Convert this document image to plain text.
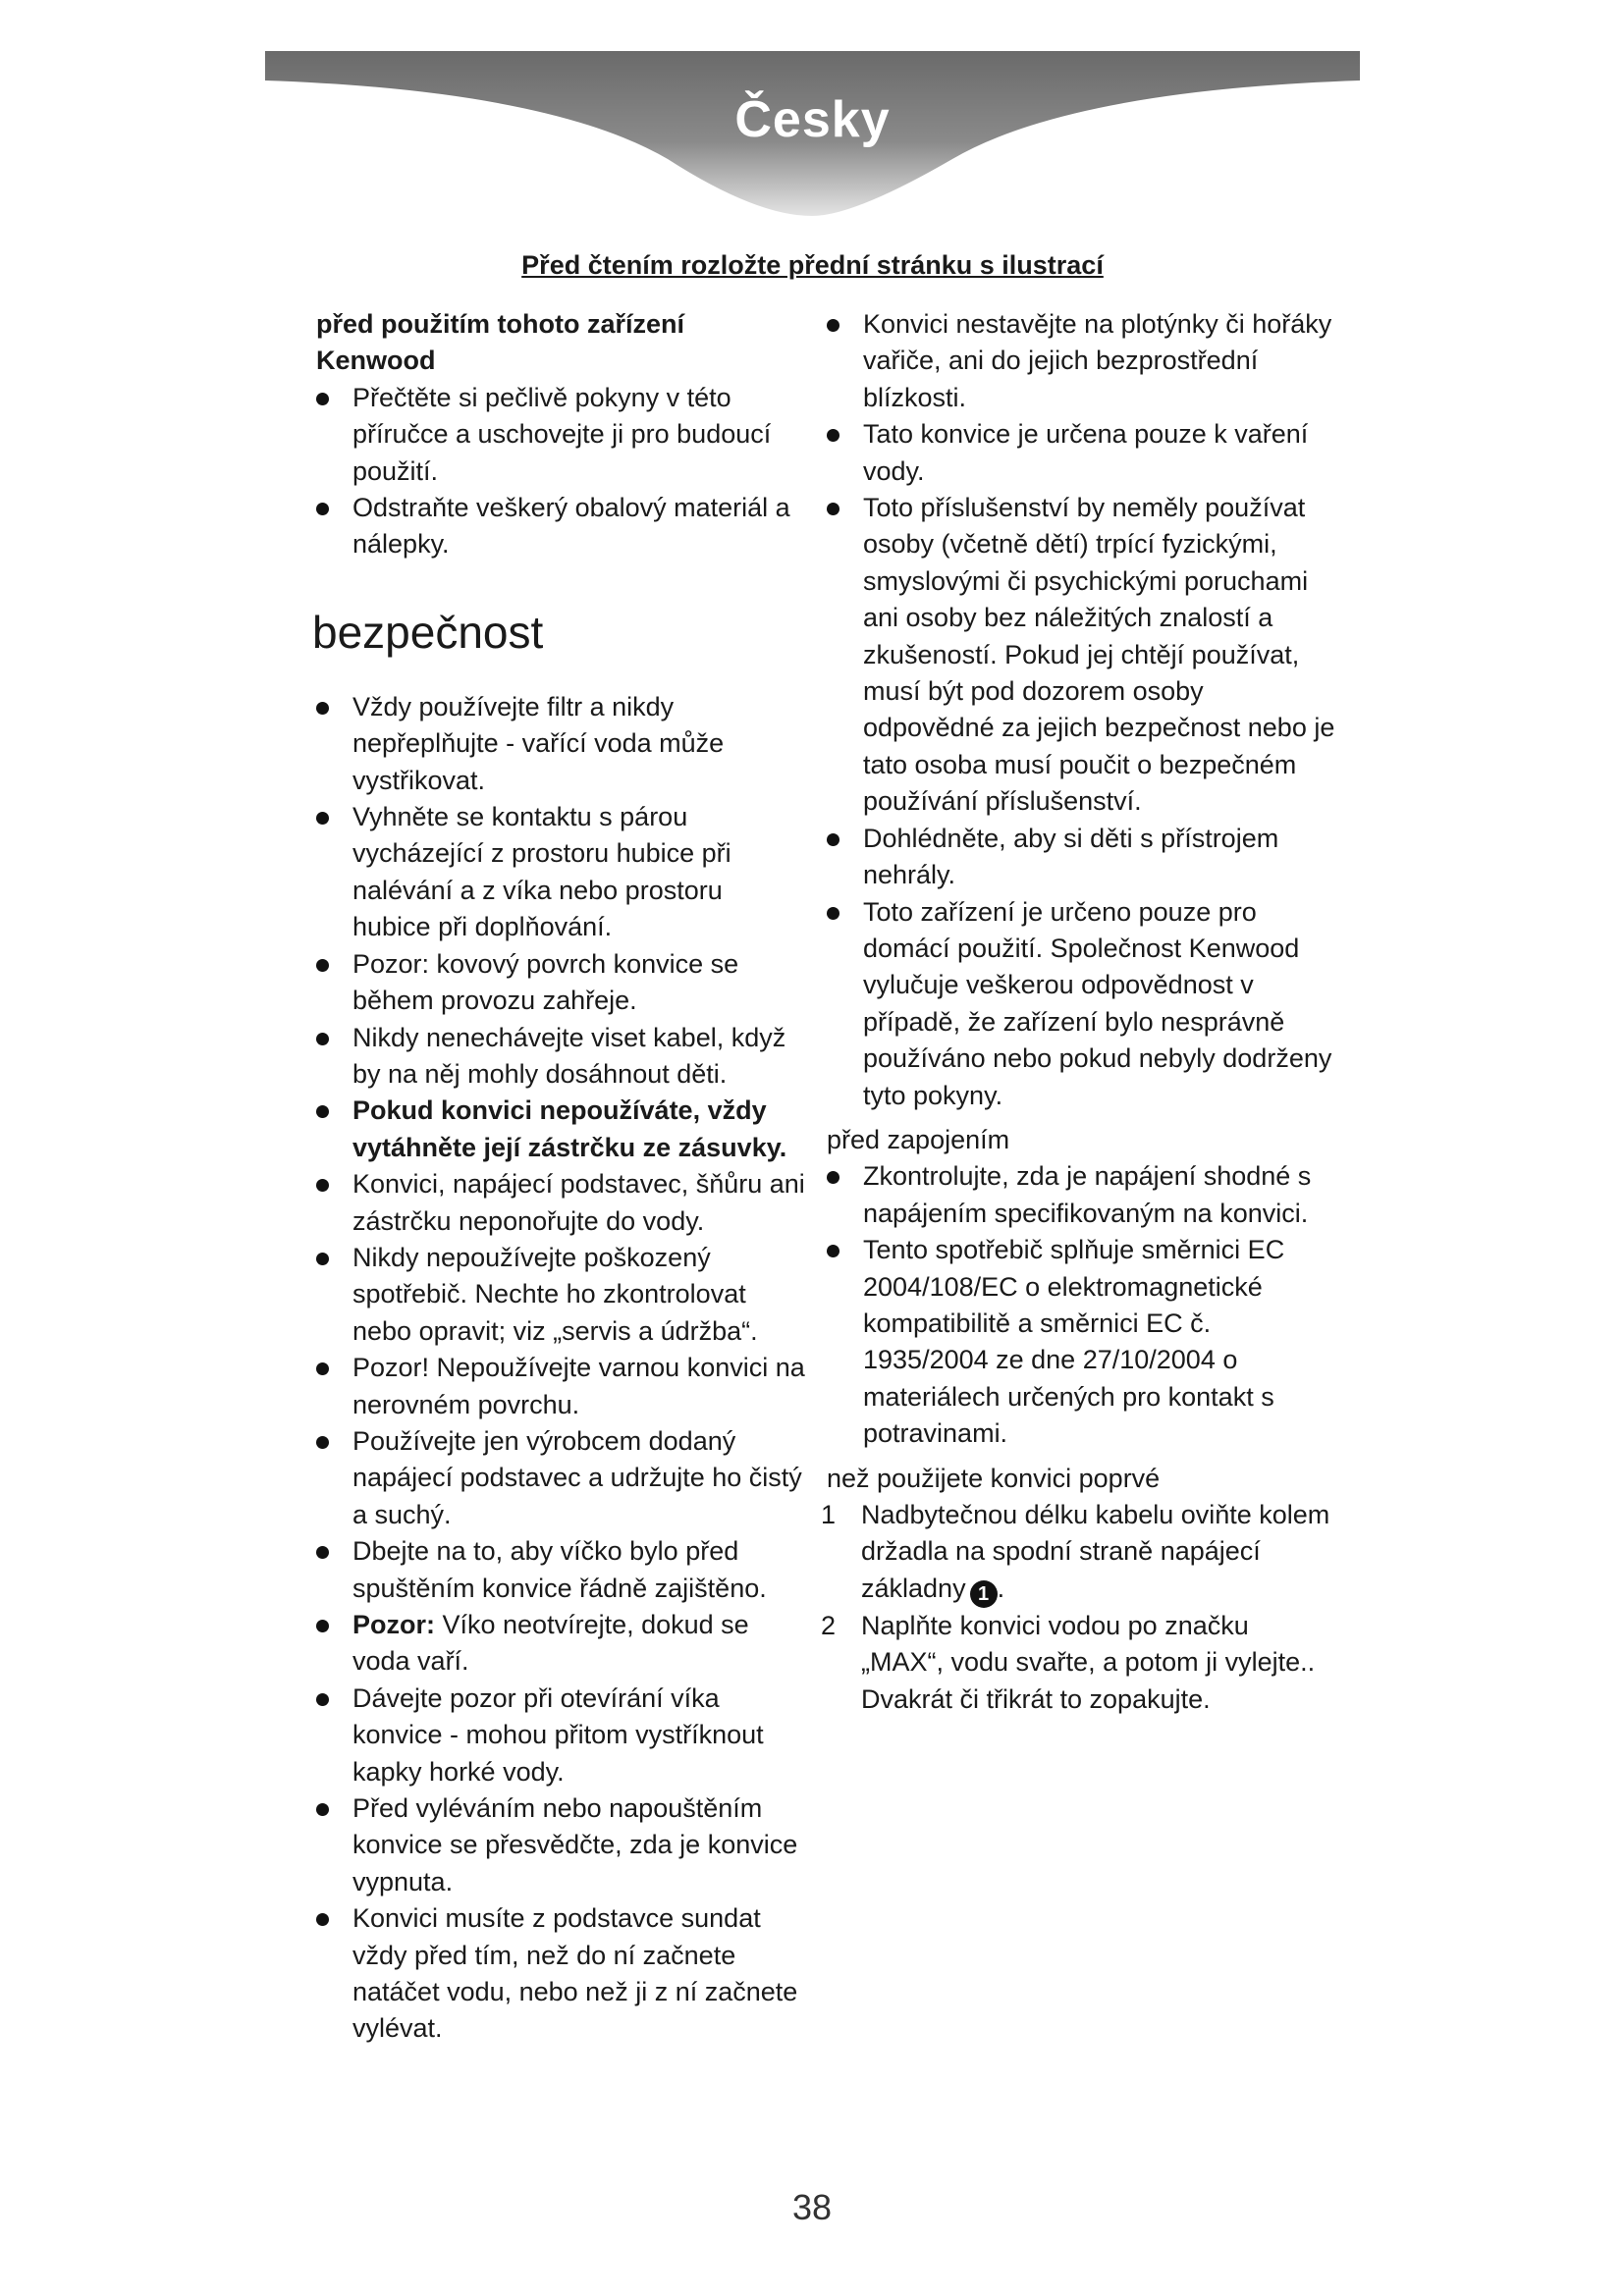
Česky
Před čtením rozložte přední stránku s ilustrací

před použitím tohoto zařízení Kenwood

Přečtěte si pečlivě pokyny v této příručce a uschovejte ji pro budoucí použití.
Odstraňte veškerý obalový materiál a nálepky.
bezpečnost
Vždy používejte filtr a nikdy nepřeplňujte - vařící voda může vystřikovat.
Vyhněte se kontaktu s párou vycházející z prostoru hubice při nalévání a z víka nebo prostoru hubice při doplňování.
Pozor: kovový povrch konvice se během provozu zahřeje.
Nikdy nenechávejte viset kabel, když by na něj mohly dosáhnout děti.
Pokud konvici nepoužíváte, vždy vytáhněte její zástrčku ze zásuvky.
Konvici, napájecí podstavec, šňůru ani zástrčku neponořujte do vody.
Nikdy nepoužívejte poškozený spotřebič. Nechte ho zkontrolovat nebo opravit; viz „servis a údržba“.
Pozor! Nepoužívejte varnou konvici na nerovném povrchu.
Používejte jen výrobcem dodaný napájecí podstavec a udržujte ho čistý a suchý.
Dbejte na to, aby víčko bylo před spuštěním konvice řádně zajištěno.
Pozor: Víko neotvírejte, dokud se voda vaří.
Dávejte pozor při otevírání víka konvice - mohou přitom vystříknout kapky horké vody.
Před vyléváním nebo napouštěním konvice se přesvědčte, zda je konvice vypnuta.
Konvici musíte z podstavce sundat vždy před tím, než do ní začnete natáčet vodu, nebo než ji z ní začnete vylévat.
Konvici nestavějte na plotýnky či hořáky vařiče, ani do jejich bezprostřední blízkosti.
Tato konvice je určena pouze k vaření vody.
Toto příslušenství by neměly používat osoby (včetně dětí) trpící fyzickými, smyslovými či psychickými poruchami ani osoby bez náležitých znalostí a zkušeností. Pokud jej chtějí používat, musí být pod dozorem osoby odpovědné za jejich bezpečnost nebo je tato osoba musí poučit o bezpečném používání příslušenství.
Dohlédněte, aby si děti s přístrojem nehrály.
Toto zařízení je určeno pouze pro domácí použití. Společnost Kenwood vylučuje veškerou odpovědnost v případě, že zařízení bylo nesprávně používáno nebo pokud nebyly dodrženy tyto pokyny.

před zapojením

Zkontrolujte, zda je napájení shodné s napájením specifikovaným na konvici.
Tento spotřebič splňuje směrnici EC 2004/108/EC o elektromagnetické kompatibilitě a směrnici EC č. 1935/2004 ze dne 27/10/2004 o materiálech určených pro kontakt s potravinami.

než použijete konvici poprvé

1 Nadbytečnou délku kabelu oviňte kolem držadla na spodní straně napájecí základny 1 .
2 Naplňte konvici vodou po značku „MAX“, vodu svařte, a potom ji vylejte.. Dvakrát či třikrát to zopakujte.
38
